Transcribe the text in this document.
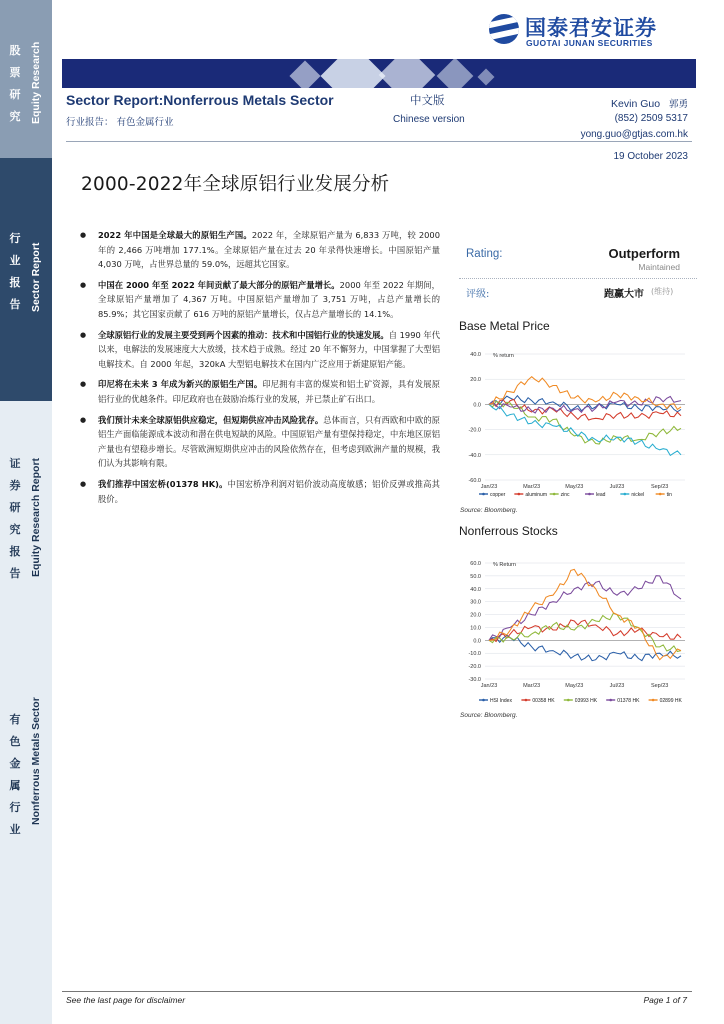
股
票
研
究 Equity Research
行
业
报
告 Sector Report
证
券
研
究
报
告 Equity Research Report
有
色
金
属
行
业
Nonferrous Metals Sector
国泰君安证券
GUOTAI JUNAN SECURITIES
Sector Report:Nonferrous Metals Sector	中文版
Chinese version
行业报告： 有色金属行业
Kevin Guo 郭勇
(852) 2509 5317
yong.guo@gtjas.com.hk
19 October 2023
2000-2022年全球原铝行业发展分析
● 2022 年中国是全球最大的原铝生产国。2022 年，全球原铝产量为 6,833 万吨，较 2000 年的 2,466 万吨增加 177.1%。全球原铝产量在过去 20 年录得快速增长。中国原铝产量 4,030 万吨，占世界总量的 59.0%，远超其它国家。
● 中国在 2000 年至 2022 年间贡献了最大部分的原铝产量增长。2000 年至 2022 年期间，全球原铝产量增加了 4,367 万吨。中国原铝产量增加了 3,751 万吨，占总产量增长的 85.9%；其它国家贡献了 616 万吨的原铝产量增长，仅占总产量增长的 14.1%。
● 全球原铝行业的发展主要受到两个因素的推动：技术和中国铝行业的快速发展。自 1990 年代以来，电解法的发展速度大大放缓，技术趋于成熟。经过 20 年不懈努力，中国掌握了大型铝电解技术。自 2000 年起，320kA 大型铝电解技术在国内广泛应用于新建原铝产能。
● 印尼将在未来 3 年成为新兴的原铝生产国。印尼拥有丰富的煤炭和铝土矿资源，具有发展原铝行业的优越条件。印尼政府也在鼓励冶炼行业的发展，并已禁止矿石出口。
● 我们预计未来全球原铝供应稳定，但短期供应冲击风险犹存。总体而言，只有西欧和中欧的原铝生产面临能源成本波动和潜在供电短缺的风险。中国原铝产量有望保持稳定，中东地区原铝产量也有望稳步增长。尽管欧洲短期供应冲击的风险依然存在，但考虑到欧洲产量的规模，我们认为其影响有限。
● 我们推荐中国宏桥(01378 HK)。中国宏桥净利润对铝价波动高度敏感；铝价反弹或推高其股价。
Rating:	Outperform
Maintained
评级:	跑赢大市 (维持)
Base Metal Price
40.0
20.0
0.0
-20.0
-40.0
-60.0
% return
Jan/23	Mar/23	May/23	Jul/23	Sep/23
copper	aluminum	zinc	lead	nickel	tin
Source: Bloomberg.
Nonferrous Stocks
60.0
50.0
40.0
30.0
20.0
10.0
0.0
-10.0
-20.0
-30.0
% Return
Jan/23	Mar/23	May/23	Jul/23	Sep/23
HSI Index	00358 HK	03993 HK	01378 HK	02899 HK
Source: Bloomberg.
See the last page for disclaimer	Page 1 of 7
